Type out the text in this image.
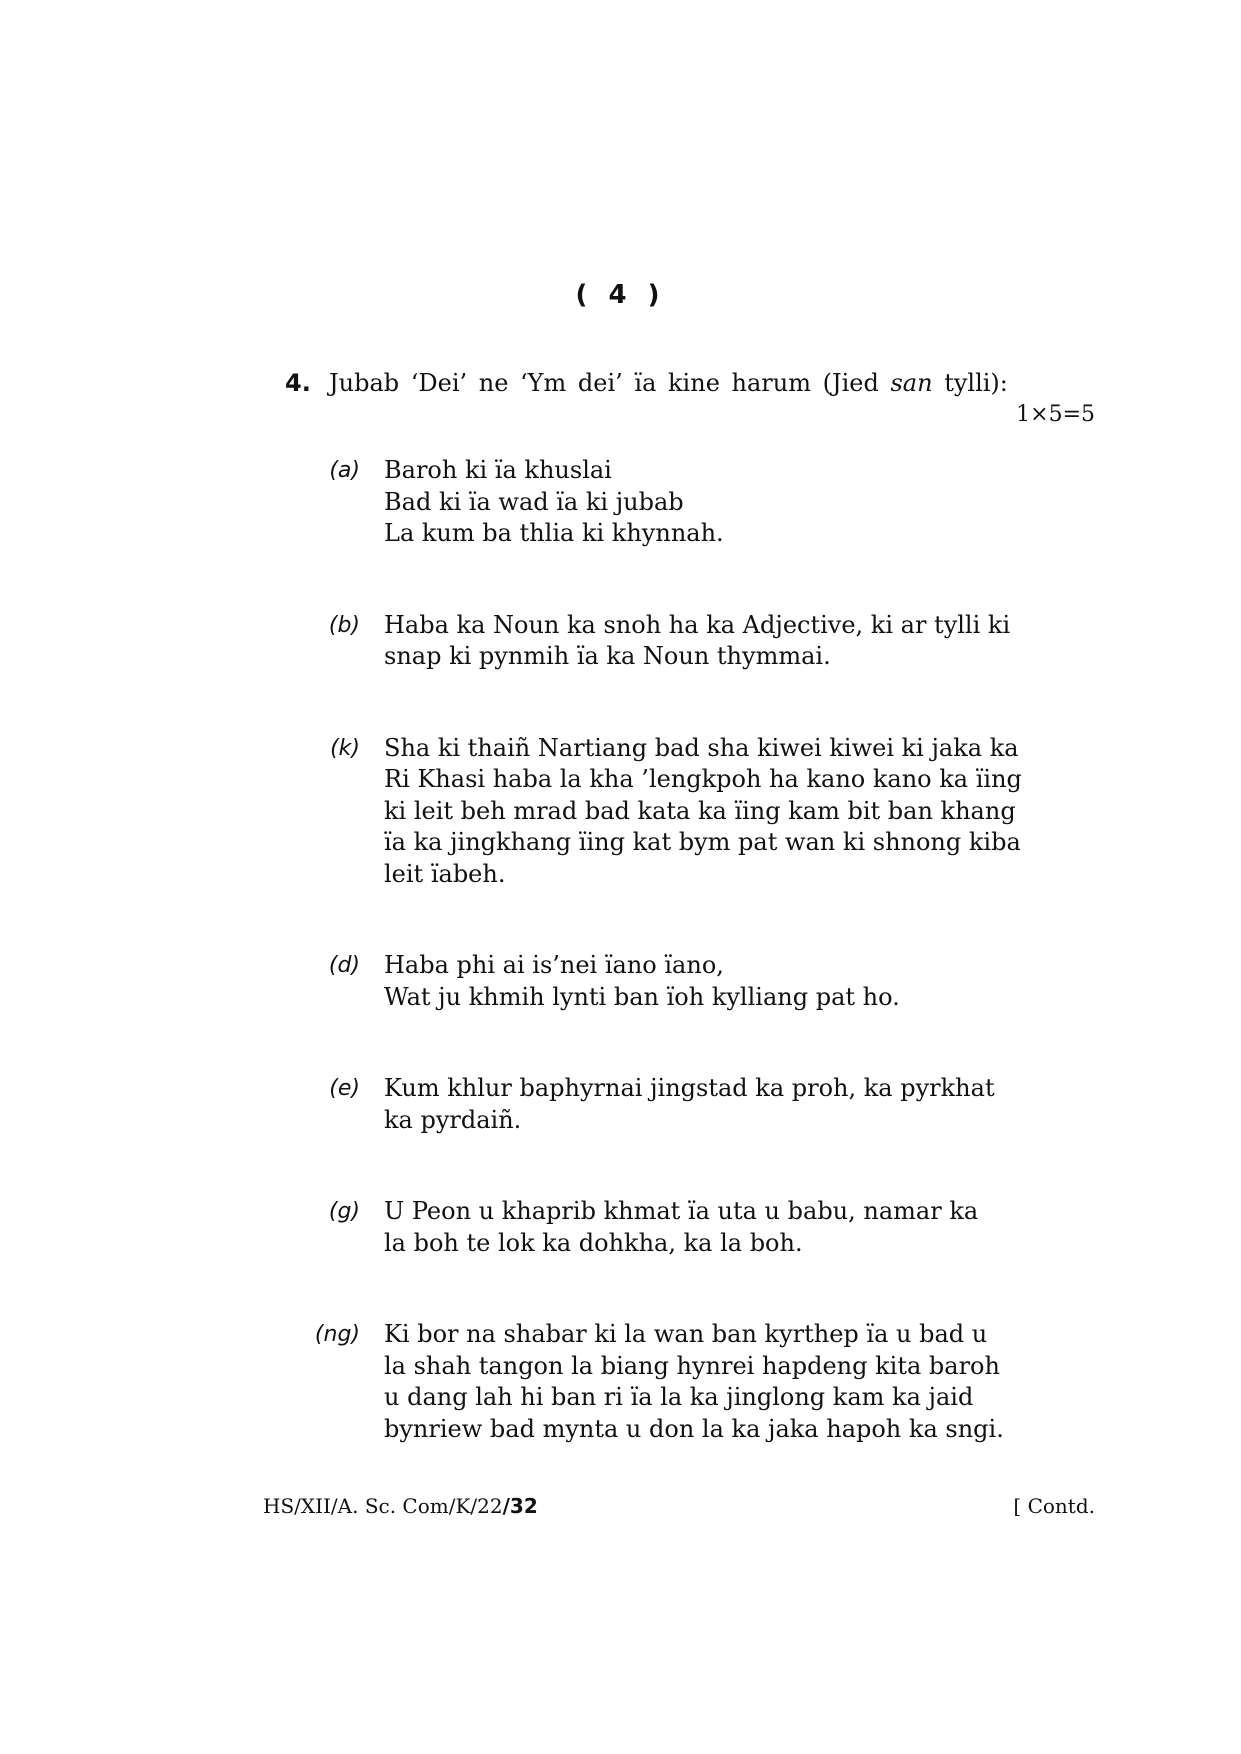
( 4 )

4. Jubab ‘Dei’ ne ‘Ym dei’ ïa kine harum (Jied san tylli):
1×5=5
(a) Baroh ki ïa khuslai
Bad ki ïa wad ïa ki jubab
La kum ba thlia ki khynnah.
(b) Haba ka Noun ka snoh ha ka Adjective, ki ar tylli ki
snap ki pynmih ïa ka Noun thymmai.
(k) Sha ki thaiñ Nartiang bad sha kiwei kiwei ki jaka ka
Ri Khasi haba la kha ’lengkpoh ha kano kano ka ïing
ki leit beh mrad bad kata ka ïing kam bit ban khang
ïa ka jingkhang ïing kat bym pat wan ki shnong kiba
leit ïabeh.
(d) Haba phi ai is’nei ïano ïano,
Wat ju khmih lynti ban ïoh kylliang pat ho.
(e) Kum khlur baphyrnai jingstad ka proh, ka pyrkhat
ka pyrdaiñ.
(g) U Peon u khaprib khmat ïa uta u babu, namar ka
la boh te lok ka dohkha, ka la boh.
(ng) Ki bor na shabar ki la wan ban kyrthep ïa u bad u
la shah tangon la biang hynrei hapdeng kita baroh
u dang lah hi ban ri ïa la ka jinglong kam ka jaid
bynriew bad mynta u don la ka jaka hapoh ka sngi.
HS/XII/A. Sc. Com/K/22/32	[ Contd.
